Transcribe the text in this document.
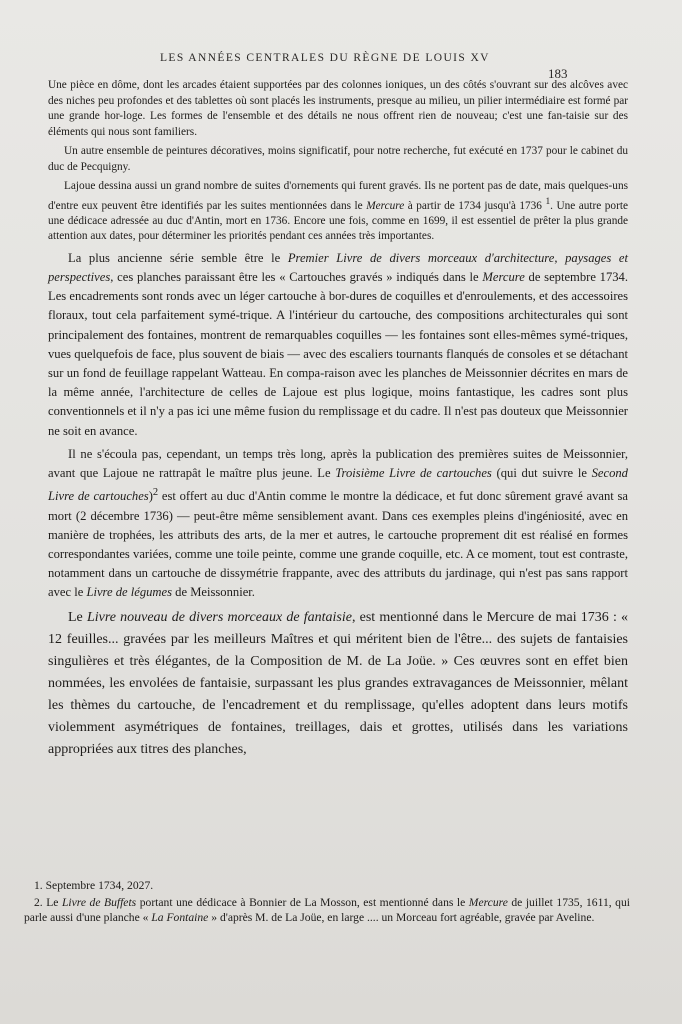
LES ANNÉES CENTRALES DU RÈGNE DE LOUIS XV
183

Une pièce en dôme, dont les arcades étaient supportées par des colonnes ioniques, un des côtés s'ouvrant sur des alcôves avec des niches peu profondes et des tablettes où sont placés les instruments, presque au milieu, un pilier intermédiaire est formé par une grande hor-loge. Les formes de l'ensemble et des détails ne nous offrent rien de nouveau; c'est une fan-taisie sur des éléments qui nous sont familiers.

Un autre ensemble de peintures décoratives, moins significatif, pour notre recherche, fut exécuté en 1737 pour le cabinet du duc de Pecquigny.

Lajoue dessina aussi un grand nombre de suites d'ornements qui furent gravés. Ils ne portent pas de date, mais quelques-uns d'entre eux peuvent être identifiés par les suites mentionnées dans le Mercure à partir de 1734 jusqu'à 1736 $^1$. Une autre porte une dédicace adressée au duc d'Antin, mort en 1736. Encore une fois, comme en 1699, il est essentiel de prêter la plus grande attention aux dates, pour déterminer les priorités pendant ces années très importantes.

La plus ancienne série semble être le Premier Livre de divers morceaux d'architecture, paysages et perspectives, ces planches paraissant être les « Cartouches gravés » indiqués dans le Mercure de septembre 1734. Les encadrements sont ronds avec un léger cartouche à bor-dures de coquilles et d'enroulements, et des accessoires floraux, tout cela parfaitement symé-trique. A l'intérieur du cartouche, des compositions architecturales qui sont principalement des fontaines, montrent de remarquables coquilles — les fontaines sont elles-mêmes symé-triques, vues quelquefois de face, plus souvent de biais — avec des escaliers tournants flanqués de consoles et se détachant sur un fond de feuillage rappelant Watteau. En compa-raison avec les planches de Meissonnier décrites en mars de la même année, l'architecture de celles de Lajoue est plus logique, moins fantastique, les cadres sont plus conventionnels et il n'y a pas ici une même fusion du remplissage et du cadre. Il n'est pas douteux que Meissonnier ne soit en avance.

Il ne s'écoula pas, cependant, un temps très long, après la publication des premières suites de Meissonnier, avant que Lajoue ne rattrapât le maître plus jeune. Le Troisième Livre de cartouches (qui dut suivre le Second Livre de cartouches)$^2$ est offert au duc d'Antin comme le montre la dédicace, et fut donc sûrement gravé avant sa mort (2 décembre 1736) — peut-être même sensiblement avant. Dans ces exemples pleins d'ingéniosité, avec en manière de trophées, les attributs des arts, de la mer et autres, le cartouche proprement dit est réalisé en formes correspondantes variées, comme une toile peinte, comme une grande coquille, etc. A ce moment, tout est contraste, notamment dans un cartouche de dissymétrie frappante, avec des attributs du jardinage, qui n'est pas sans rapport avec le Livre de légumes de Meissonnier.

Le Livre nouveau de divers morceaux de fantaisie, est mentionné dans le Mercure de mai 1736 : « 12 feuilles... gravées par les meilleurs Maîtres et qui méritent bien de l'être... des sujets de fantaisies singulières et très élégantes, de la Composition de M. de La Joüe. » Ces œuvres sont en effet bien nommées, les envolées de fantaisie, surpassant les plus grandes extravagances de Meissonnier, mêlant les thèmes du cartouche, de l'encadrement et du remplissage, qu'elles adoptent dans leurs motifs violemment asymétriques de fontaines, treillages, dais et grottes, utilisés dans les variations appropriées aux titres des planches,

1. Septembre 1734, 2027.

2. Le Livre de Buffets portant une dédicace à Bonnier de La Mosson, est mentionné dans le Mercure de juillet 1735, 1611, qui parle aussi d'une planche « La Fontaine » d'après M. de La Joüe, en large .... un Morceau fort agréable, gravée par Aveline.
